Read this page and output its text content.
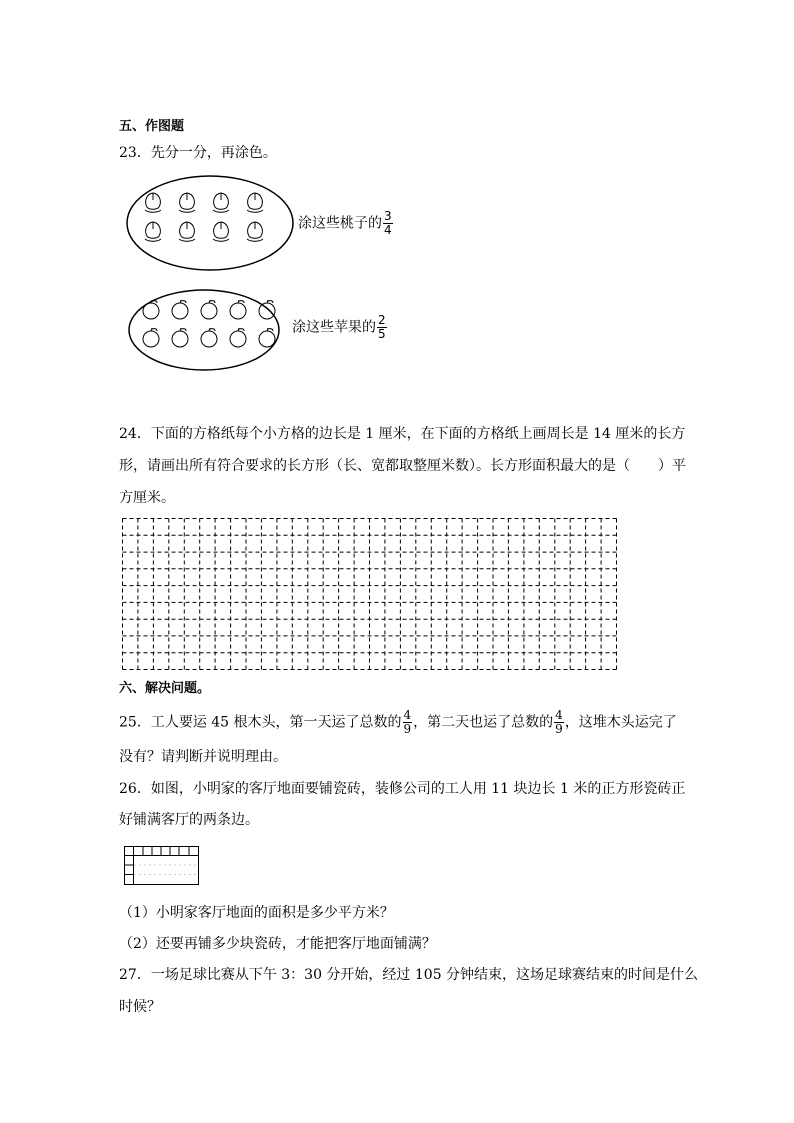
五、作图题
23．先分一分，再涂色。
涂这些桃子的 $\frac{3}{4}$
涂这些苹果的 $\frac{2}{5}$
24．下面的方格纸每个小方格的边长是 1 厘米，在下面的方格纸上画周长是 14 厘米的长方
形，请画出所有符合要求的长方形（长、宽都取整厘米数）。长方形面积最大的是（　　）平
方厘米。
六、解决问题。
25．工人要运 45 根木头，第一天运了总数的 $\frac{4}{9}$ ，第二天也运了总数的 $\frac{4}{9}$ ，这堆木头运完了
没有？请判断并说明理由。
26．如图，小明家的客厅地面要铺瓷砖，装修公司的工人用 11 块边长 1 米的正方形瓷砖正
好铺满客厅的两条边。
（1）小明家客厅地面的面积是多少平方米？
（2）还要再铺多少块瓷砖，才能把客厅地面铺满？
27．一场足球比赛从下午 3：30 分开始，经过 105 分钟结束，这场足球赛结束的时间是什么
时候？
